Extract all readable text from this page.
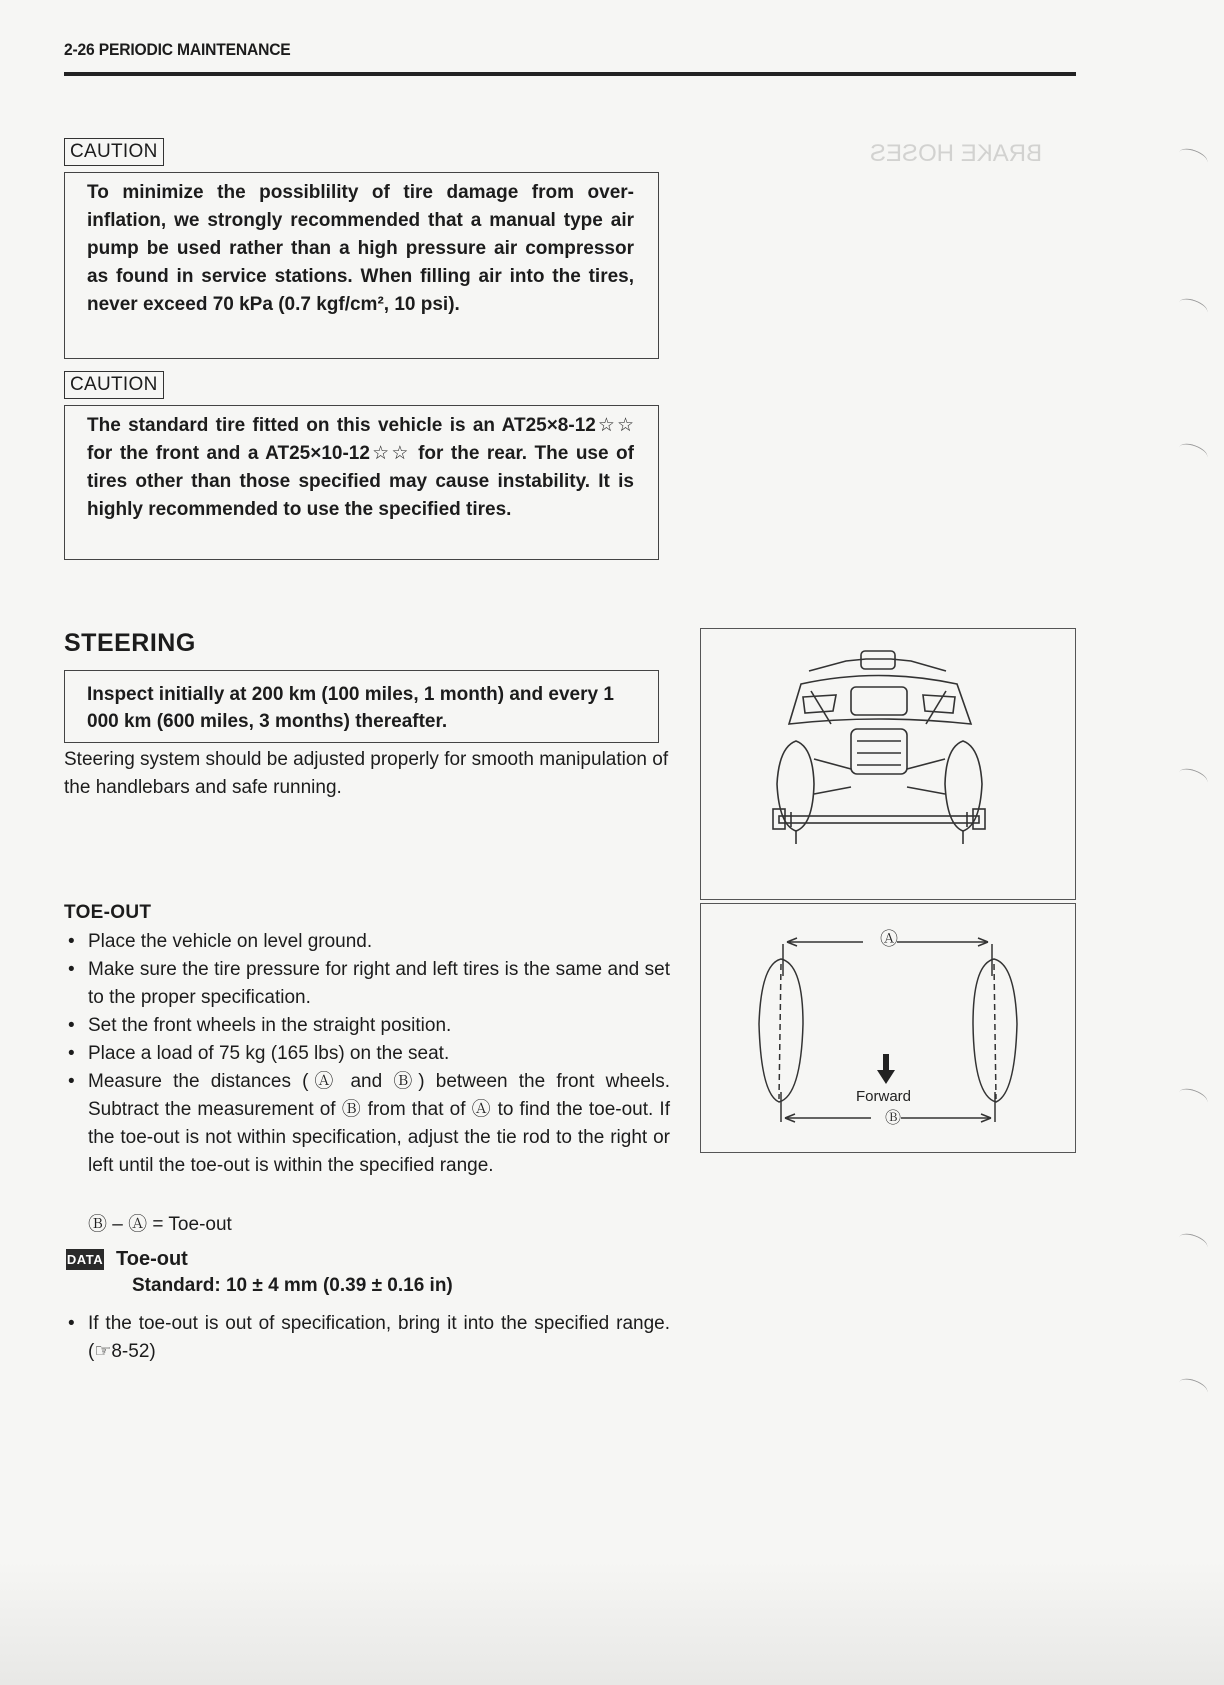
2-26 PERIODIC MAINTENANCE
BRAKE HOSES
CAUTION

To minimize the possiblility of tire damage from over-inflation, we strongly recommended that a manual type air pump be used rather than a high pressure air compressor as found in service stations. When filling air into the tires, never exceed 70 kPa (0.7 kgf/cm², 10 psi).

CAUTION

The standard tire fitted on this vehicle is an AT25×8-12☆☆ for the front and a AT25×10-12☆☆ for the rear. The use of tires other than those specified may cause instability. It is highly recommended to use the specified tires.

STEERING

Inspect initially at 200 km (100 miles, 1 month) and every 1 000 km (600 miles, 3 months) thereafter.

Steering system should be adjusted properly for smooth manipulation of the handlebars and safe running.

Ⓐ
Ⓑ
Forward

TOE-OUT

• Place the vehicle on level ground.
• Make sure the tire pressure for right and left tires is the same and set to the proper specification.
• Set the front wheels in the straight position.
• Place a load of 75 kg (165 lbs) on the seat.
• Measure the distances (Ⓐ and Ⓑ) between the front wheels. Subtract the measurement of Ⓑ from that of Ⓐ to find the toe-out. If the toe-out is not within specification, adjust the tie rod to the right or left until the toe-out is within the specified range.

Ⓑ – Ⓐ = Toe-out

DATA Toe-out

Standard: 10 ± 4 mm (0.39 ± 0.16 in)

• If the toe-out is out of specification, bring it into the specified range. (☞8-52)
